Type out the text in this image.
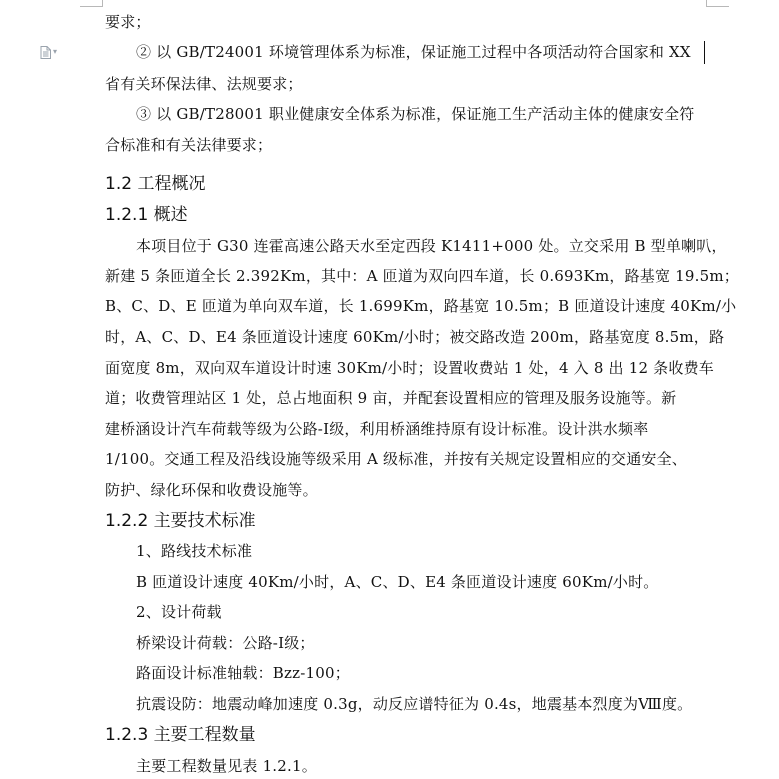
▾
要求；
② 以 GB/T24001 环境管理体系为标准，保证施工过程中各项活动符合国家和 XX
省有关环保法律、法规要求；
③ 以 GB/T28001 职业健康安全体系为标准，保证施工生产活动主体的健康安全符
合标准和有关法律要求；
1.2 工程概况
1.2.1 概述
本项目位于 G30 连霍高速公路天水至定西段 K1411+000 处。立交采用 B 型单喇叭，
新建 5 条匝道全长 2.392Km，其中：A 匝道为双向四车道，长 0.693Km，路基宽 19.5m；
B、C、D、E 匝道为单向双车道，长 1.699Km，路基宽 10.5m；B 匝道设计速度 40Km/小
时，A、C、D、E4 条匝道设计速度 60Km/小时；被交路改造 200m，路基宽度 8.5m，路
面宽度 8m，双向双车道设计时速 30Km/小时；设置收费站 1 处，4 入 8 出 12 条收费车
道；收费管理站区 1 处，总占地面积 9 亩，并配套设置相应的管理及服务设施等。新
建桥涵设计汽车荷载等级为公路-Ⅰ级，利用桥涵维持原有设计标准。设计洪水频率
1/100。交通工程及沿线设施等级采用 A 级标准，并按有关规定设置相应的交通安全、
防护、绿化环保和收费设施等。
1.2.2 主要技术标准
1、路线技术标准
B 匝道设计速度 40Km/小时，A、C、D、E4 条匝道设计速度 60Km/小时。
2、设计荷载
桥梁设计荷载：公路-Ⅰ级；
路面设计标准轴载：Bzz-100；
抗震设防：地震动峰加速度 0.3g，动反应谱特征为 0.4s，地震基本烈度为Ⅷ度。
1.2.3 主要工程数量
主要工程数量见表 1.2.1。
